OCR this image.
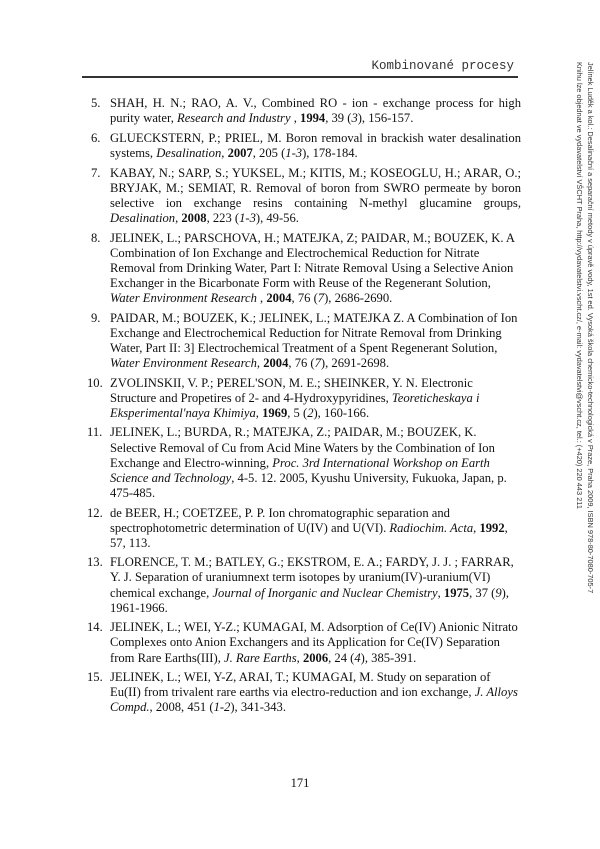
Kombinované procesy
5. SHAH, H. N.; RAO, A. V., Combined RO - ion - exchange process for high purity water, Research and Industry , 1994, 39 (3), 156-157.
6. GLUECKSTERN, P.; PRIEL, M. Boron removal in brackish water desalination systems, Desalination, 2007, 205 (1-3), 178-184.
7. KABAY, N.; SARP, S.; YUKSEL, M.; KITIS, M.; KOSEOGLU, H.; ARAR, O.; BRYJAK, M.; SEMIAT, R. Removal of boron from SWRO permeate by boron selective ion exchange resins containing N-methyl glucamine groups, Desalination, 2008, 223 (1-3), 49-56.
8. JELINEK, L.; PARSCHOVA, H.; MATEJKA, Z; PAIDAR, M.; BOUZEK, K. A Combination of Ion Exchange and Electrochemical Reduction for Nitrate Removal from Drinking Water, Part I: Nitrate Removal Using a Selective Anion Exchanger in the Bicarbonate Form with Reuse of the Regenerant Solution, Water Environment Research , 2004, 76 (7), 2686-2690.
9. PAIDAR, M.; BOUZEK, K.; JELINEK, L.; MATEJKA Z. A Combination of Ion Exchange and Electrochemical Reduction for Nitrate Removal from Drinking Water, Part II: 3] Electrochemical Treatment of a Spent Regenerant Solution, Water Environment Research, 2004, 76 (7), 2691-2698.
10. ZVOLINSKII, V. P.; PEREL'SON, M. E.; SHEINKER, Y. N. Electronic Structure and Propetires of 2- and 4-Hydroxypyridines, Teoreticheskaya i Eksperimental'naya Khimiya, 1969, 5 (2), 160-166.
11. JELINEK, L.; BURDA, R.; MATEJKA, Z.; PAIDAR, M.; BOUZEK, K. Selective Removal of Cu from Acid Mine Waters by the Combination of Ion Exchange and Electro-winning, Proc. 3rd International Workshop on Earth Science and Technology, 4-5. 12. 2005, Kyushu University, Fukuoka, Japan, p. 475-485.
12. de BEER, H.; COETZEE, P. P. Ion chromatographic separation and spectrophotometric determination of U(IV) and U(VI). Radiochim. Acta, 1992, 57, 113.
13. FLORENCE, T. M.; BATLEY, G.; EKSTROM, E. A.; FARDY, J. J. ; FARRAR, Y. J. Separation of uraniumnext term isotopes by uranium(IV)-uranium(VI) chemical exchange, Journal of Inorganic and Nuclear Chemistry, 1975, 37 (9), 1961-1966.
14. JELINEK, L.; WEI, Y-Z.; KUMAGAI, M. Adsorption of Ce(IV) Anionic Nitrato Complexes onto Anion Exchangers and its Application for Ce(IV) Separation from Rare Earths(III), J. Rare Earths, 2006, 24 (4), 385-391.
15. JELINEK, L.; WEI, Y-Z, ARAI, T.; KUMAGAI, M. Study on separation of Eu(II) from trivalent rare earths via electro-reduction and ion exchange, J. Alloys Compd., 2008, 451 (1-2), 341-343.
Jelínek Luděk a kol.: Desalinační a separační metody v úpravě vody, 1st ed. Vysoká škola chemicko-technologická v Praze, Praha 2009, ISBN 978-80-7080-705-7
Knihu lze objednat ve vydavatelství VŠCHT Praha, http://vydavatelstvi.vscht.cz/, e-mail: vydavatelstvi@vscht.cz, tel.: (+420) 220 443 211
171
